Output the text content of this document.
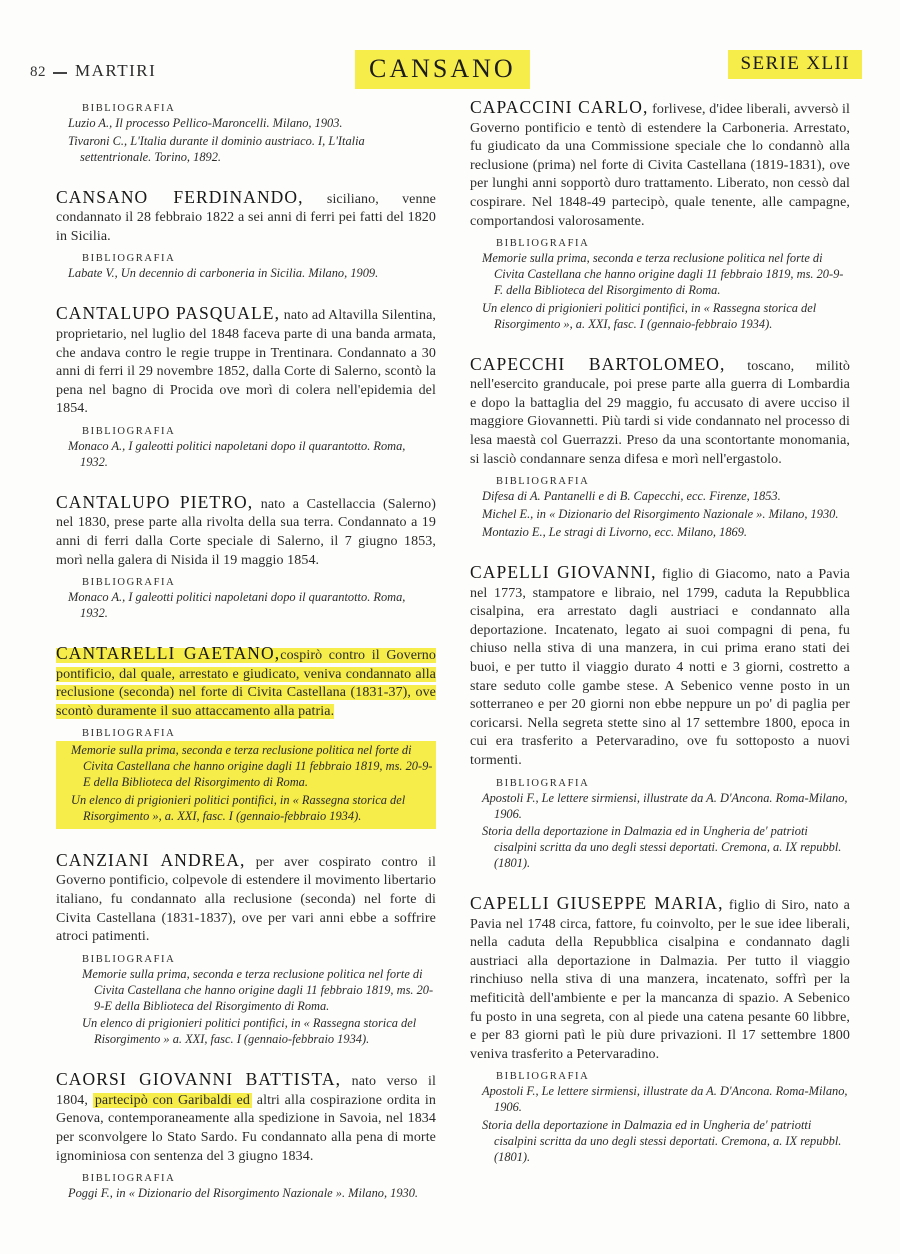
82 MARTIRI	CANSANO	SERIE XLII
BIBLIOGRAFIA
Luzio A., Il processo Pellico-Maroncelli. Milano, 1903.
Tivaroni C., L'Italia durante il dominio austriaco. I, L'Italia settentrionale. Torino, 1892.

CANSANO FERDINANDO, siciliano, venne condannato il 28 febbraio 1822 a sei anni di ferri pei fatti del 1820 in Sicilia.

BIBLIOGRAFIA
Labate V., Un decennio di carboneria in Sicilia. Milano, 1909.

CANTALUPO PASQUALE, nato ad Altavilla Silentina, proprietario, nel luglio del 1848 faceva parte di una banda armata, che andava contro le regie truppe in Trentinara. Condannato a 30 anni di ferri il 29 novembre 1852, dalla Corte di Salerno, scontò la pena nel bagno di Procida ove morì di colera nell'epidemia del 1854.

BIBLIOGRAFIA
Monaco A., I galeotti politici napoletani dopo il quarantotto. Roma, 1932.

CANTALUPO PIETRO, nato a Castellaccia (Salerno) nel 1830, prese parte alla rivolta della sua terra. Condannato a 19 anni di ferri dalla Corte speciale di Salerno, il 7 giugno 1853, morì nella galera di Nisida il 19 maggio 1854.

BIBLIOGRAFIA
Monaco A., I galeotti politici napoletani dopo il quarantotto. Roma, 1932.

CANTARELLI GAETANO,cospirò contro il Governo pontificio, dal quale, arrestato e giudicato, veniva condannato alla reclusione (seconda) nel forte di Civita Castellana (1831-37), ove scontò duramente il suo attaccamento alla patria.

BIBLIOGRAFIA
Memorie sulla prima, seconda e terza reclusione politica nel forte di Civita Castellana che hanno origine dagli 11 febbraio 1819, ms. 20-9-E della Biblioteca del Risorgimento di Roma.
Un elenco di prigionieri politici pontifici, in « Rassegna storica del Risorgimento », a. XXI, fasc. I (gennaio-febbraio 1934).

CANZIANI ANDREA, per aver cospirato contro il Governo pontificio, colpevole di estendere il movimento libertario italiano, fu condannato alla reclusione (seconda) nel forte di Civita Castellana (1831-1837), ove per vari anni ebbe a soffrire atroci patimenti.

BIBLIOGRAFIA
Memorie sulla prima, seconda e terza reclusione politica nel forte di Civita Castellana che hanno origine dagli 11 febbraio 1819, ms. 20-9-E della Biblioteca del Risorgimento di Roma.
Un elenco di prigionieri politici pontifici, in « Rassegna storica del Risorgimento » a. XXI, fasc. I (gennaio-febbraio 1934).

CAORSI GIOVANNI BATTISTA, nato verso il 1804, partecipò con Garibaldi ed altri alla cospirazione ordita in Genova, contemporaneamente alla spedizione in Savoia, nel 1834 per sconvolgere lo Stato Sardo. Fu condannato alla pena di morte ignominiosa con sentenza del 3 giugno 1834.

BIBLIOGRAFIA
Poggi F., in « Dizionario del Risorgimento Nazionale ». Milano, 1930.

CAPACCINI CARLO, forlivese, d'idee liberali, avversò il Governo pontificio e tentò di estendere la Carboneria. Arrestato, fu giudicato da una Commissione speciale che lo condannò alla reclusione (prima) nel forte di Civita Castellana (1819-1831), ove per lunghi anni sopportò duro trattamento. Liberato, non cessò dal cospirare. Nel 1848-49 partecipò, quale tenente, alle campagne, comportandosi valorosamente.

BIBLIOGRAFIA
Memorie sulla prima, seconda e terza reclusione politica nel forte di Civita Castellana che hanno origine dagli 11 febbraio 1819, ms. 20-9-F. della Biblioteca del Risorgimento di Roma.
Un elenco di prigionieri politici pontifici, in « Rassegna storica del Risorgimento », a. XXI, fasc. I (gennaio-febbraio 1934).

CAPECCHI BARTOLOMEO, toscano, militò nell'esercito granducale, poi prese parte alla guerra di Lombardia e dopo la battaglia del 29 maggio, fu accusato di avere ucciso il maggiore Giovannetti. Più tardi si vide condannato nel processo di lesa maestà col Guerrazzi. Preso da una scontortante monomania, si lasciò condannare senza difesa e morì nell'ergastolo.

BIBLIOGRAFIA
Difesa di A. Pantanelli e di B. Capecchi, ecc. Firenze, 1853.
Michel E., in « Dizionario del Risorgimento Nazionale ». Milano, 1930.
Montazio E., Le stragi di Livorno, ecc. Milano, 1869.

CAPELLI GIOVANNI, figlio di Giacomo, nato a Pavia nel 1773, stampatore e libraio, nel 1799, caduta la Repubblica cisalpina, era arrestato dagli austriaci e condannato alla deportazione. Incatenato, legato ai suoi compagni di pena, fu chiuso nella stiva di una manzera, in cui prima erano stati dei buoi, e per tutto il viaggio durato 4 notti e 3 giorni, costretto a stare seduto colle gambe stese. A Sebenico venne posto in un sotterraneo e per 20 giorni non ebbe neppure un po' di paglia per coricarsi. Nella segreta stette sino al 17 settembre 1800, epoca in cui era trasferito a Petervaradino, ove fu sottoposto a nuovi tormenti.

BIBLIOGRAFIA
Apostoli F., Le lettere sirmiensi, illustrate da A. D'Ancona. Roma-Milano, 1906.
Storia della deportazione in Dalmazia ed in Ungheria de' patrioti cisalpini scritta da uno degli stessi deportati. Cremona, a. IX repubbl. (1801).

CAPELLI GIUSEPPE MARIA, figlio di Siro, nato a Pavia nel 1748 circa, fattore, fu coinvolto, per le sue idee liberali, nella caduta della Repubblica cisalpina e condannato dagli austriaci alla deportazione in Dalmazia. Per tutto il viaggio rinchiuso nella stiva di una manzera, incatenato, soffrì per la mefiticità dell'ambiente e per la mancanza di spazio. A Sebenico fu posto in una segreta, con al piede una catena pesante 60 libbre, e per 83 giorni patì le più dure privazioni. Il 17 settembre 1800 veniva trasferito a Petervaradino.

BIBLIOGRAFIA
Apostoli F., Le lettere sirmiensi, illustrate da A. D'Ancona. Roma-Milano, 1906.
Storia della deportazione in Dalmazia ed in Ungheria de' patriotti cisalpini scritta da uno degli stessi deportati. Cremona, a. IX repubbl. (1801).
